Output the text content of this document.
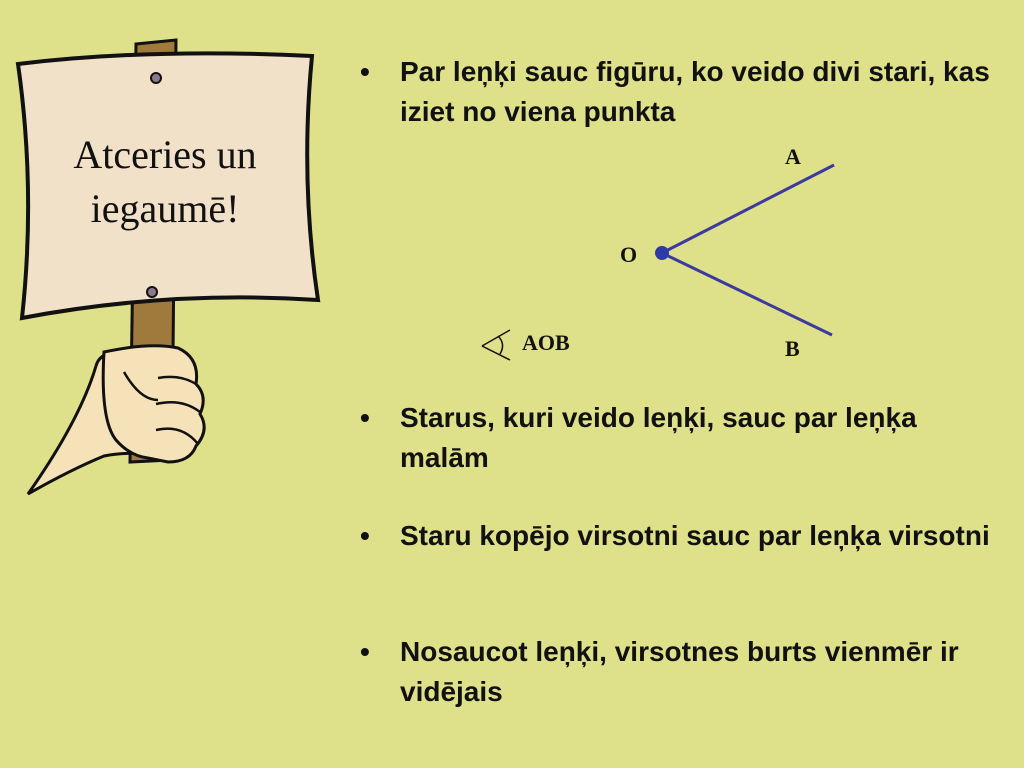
Atceries un
iegaumē!
•	Par leņķi sauc figūru, ko veido divi stari, kas iziet no viena punkta
•	Starus, kuri veido leņķi, sauc par leņķa malām
•	Staru kopējo virsotni sauc par leņķa virsotni
•	Nosaucot leņķi, virsotnes burts vienmēr ir vidējais
A
O
B
AOB
